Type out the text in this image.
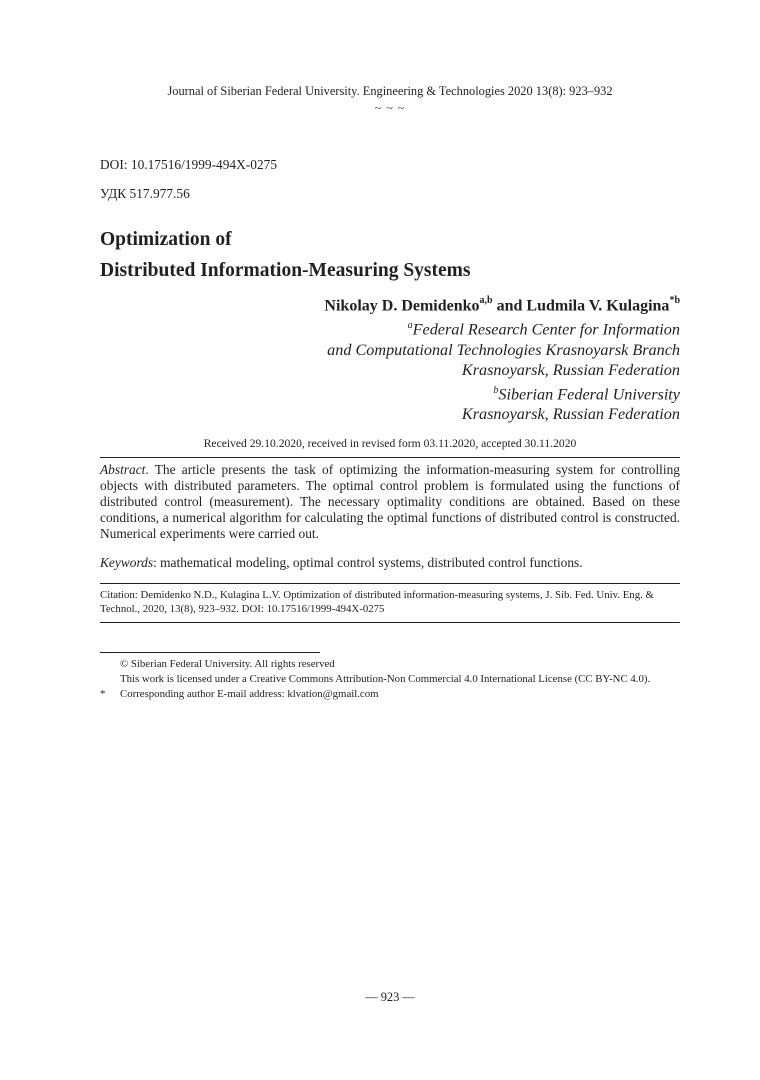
Journal of Siberian Federal University. Engineering & Technologies 2020 13(8): 923–932
~ ~ ~
DOI: 10.17516/1999-494X-0275
УДК 517.977.56
Optimization of
Distributed Information-Measuring Systems
Nikolay D. Demidenko$^{a,b}$ and Ludmila V. Kulagina$^{*b}$
$^a$Federal Research Center for Information
and Computational Technologies Krasnoyarsk Branch
Krasnoyarsk, Russian Federation
$^b$Siberian Federal University
Krasnoyarsk, Russian Federation
Received 29.10.2020, received in revised form 03.11.2020, accepted 30.11.2020
Abstract. The article presents the task of optimizing the information-measuring system for controlling objects with distributed parameters. The optimal control problem is formulated using the functions of distributed control (measurement). The necessary optimality conditions are obtained. Based on these conditions, a numerical algorithm for calculating the optimal functions of distributed control is constructed. Numerical experiments were carried out.
Keywords: mathematical modeling, optimal control systems, distributed control functions.
Citation: Demidenko N.D., Kulagina L.V. Optimization of distributed information-measuring systems, J. Sib. Fed. Univ. Eng. & Technol., 2020, 13(8), 923–932. DOI: 10.17516/1999-494X-0275
© Siberian Federal University. All rights reserved
This work is licensed under a Creative Commons Attribution-Non Commercial 4.0 International License (CC BY-NC 4.0).
* Corresponding author E-mail address: klvation@gmail.com
— 923 —
